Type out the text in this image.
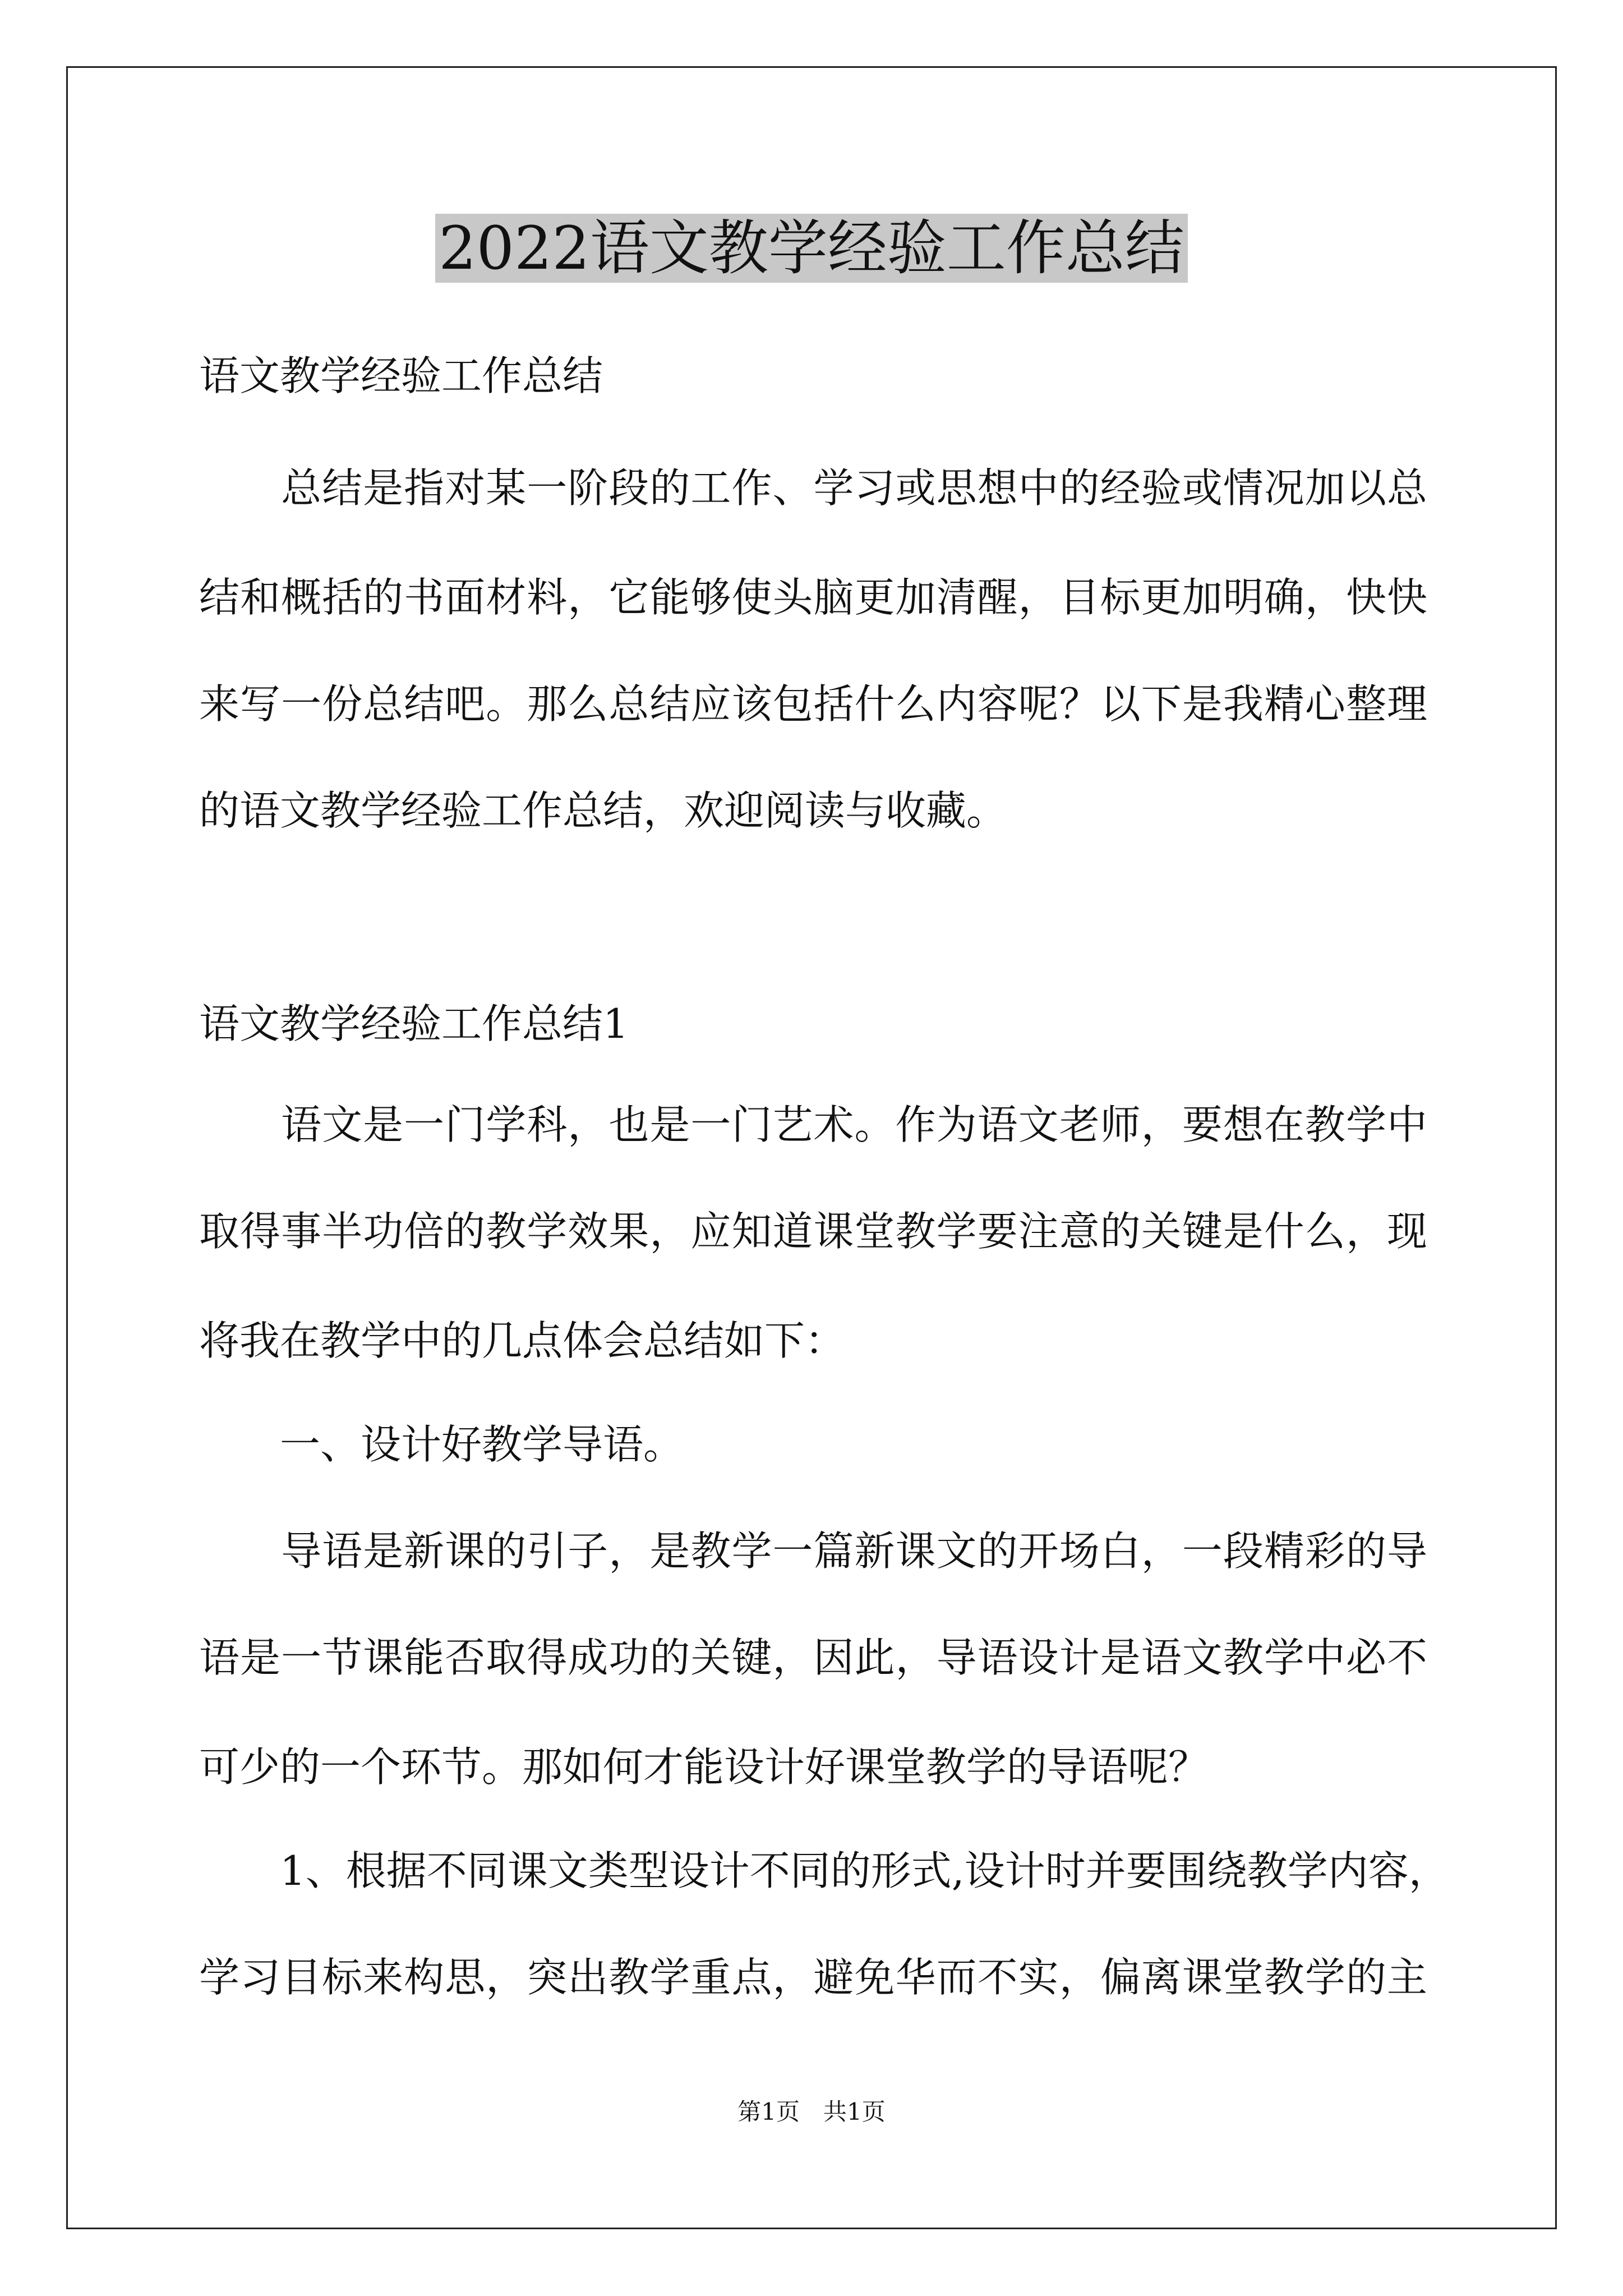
2022语文教学经验工作总结
语文教学经验工作总结
　　总结是指对某一阶段的工作、学习或思想中的经验或情况加以总
结和概括的书面材料，它能够使头脑更加清醒，目标更加明确，快快
来写一份总结吧。那么总结应该包括什么内容呢？以下是我精心整理
的语文教学经验工作总结，欢迎阅读与收藏。
语文教学经验工作总结1
　　语文是一门学科，也是一门艺术。作为语文老师，要想在教学中
取得事半功倍的教学效果，应知道课堂教学要注意的关键是什么，现
将我在教学中的几点体会总结如下：
　　一、设计好教学导语。
　　导语是新课的引子，是教学一篇新课文的开场白，一段精彩的导
语是一节课能否取得成功的关键，因此，导语设计是语文教学中必不
可少的一个环节。那如何才能设计好课堂教学的导语呢？
　　1、根据不同课文类型设计不同的形式,设计时并要围绕教学内容，
学习目标来构思，突出教学重点，避免华而不实，偏离课堂教学的主
第1页　共1页
